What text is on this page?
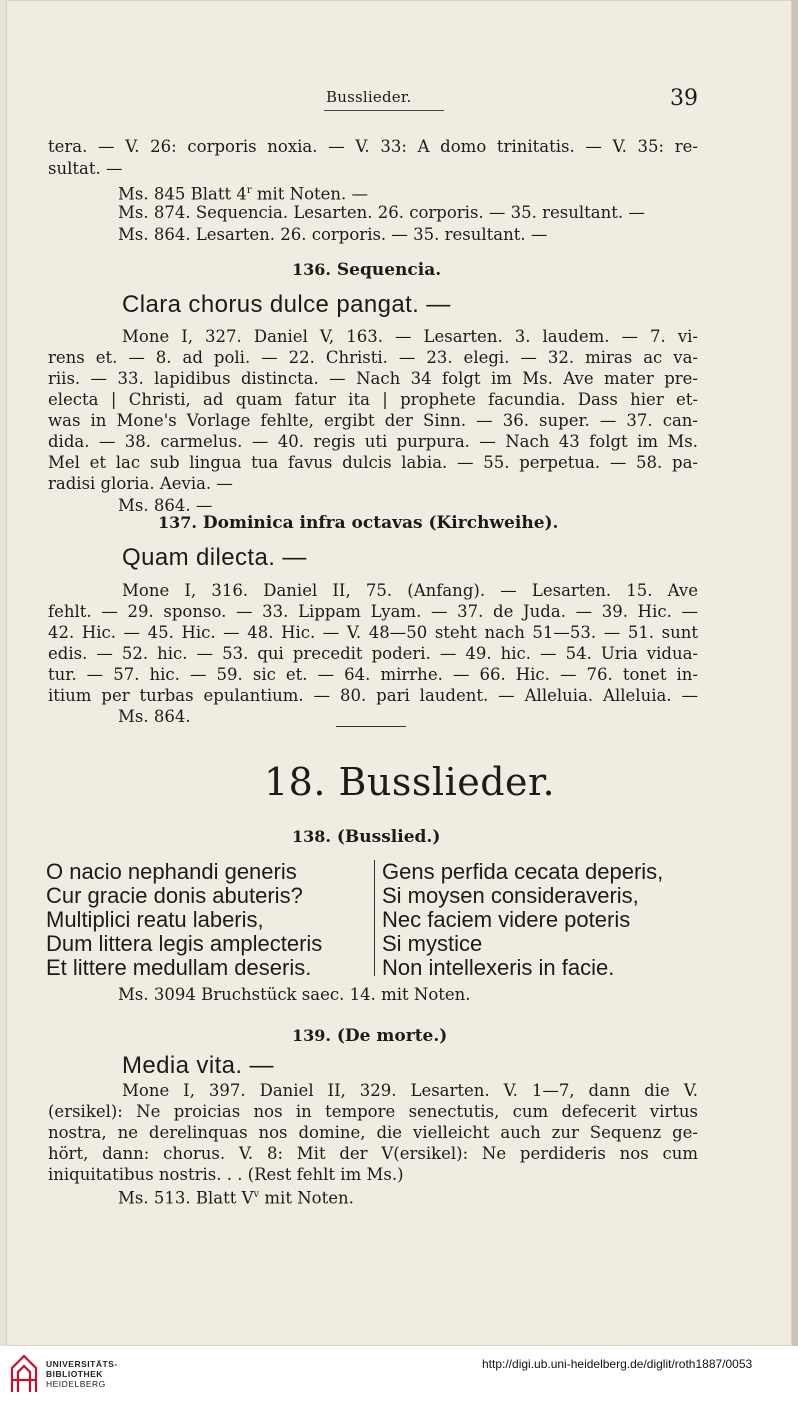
Busslieder.	39
tera. — V. 26: corporis noxia. — V. 33: A domo trinitatis. — V. 35: re-
sultat. —
Ms. 845 Blatt 4$^r$ mit Noten. —
Ms. 874. Sequencia. Lesarten. 26. corporis. — 35. resultant. —
Ms. 864. Lesarten. 26. corporis. — 35. resultant. —
136. Sequencia.
Clara chorus dulce pangat. —
Mone I, 327. Daniel V, 163. — Lesarten. 3. laudem. — 7. vi-
rens et. — 8. ad poli. — 22. Christi. — 23. elegi. — 32. miras ac va-
riis. — 33. lapidibus distincta. — Nach 34 folgt im Ms. Ave mater pre-
electa | Christi, ad quam fatur ita | prophete facundia. Dass hier et-
was in Mone's Vorlage fehlte, ergibt der Sinn. — 36. super. — 37. can-
dida. — 38. carmelus. — 40. regis uti purpura. — Nach 43 folgt im Ms.
Mel et lac sub lingua tua favus dulcis labia. — 55. perpetua. — 58. pa-
radisi gloria. Aevia. —
Ms. 864. —
137. Dominica infra octavas (Kirchweihe).
Quam dilecta. —
Mone I, 316. Daniel II, 75. (Anfang). — Lesarten. 15. Ave
fehlt. — 29. sponso. — 33. Lippam Lyam. — 37. de Juda. — 39. Hic. —
42. Hic. — 45. Hic. — 48. Hic. — V. 48—50 steht nach 51—53. — 51. sunt
edis. — 52. hic. — 53. qui precedit poderi. — 49. hic. — 54. Uria vidua-
tur. — 57. hic. — 59. sic et. — 64. mirrhe. — 66. Hic. — 76. tonet in-
itium per turbas epulantium. — 80. pari laudent. — Alleluia. Alleluia. —
Ms. 864.
18. Busslieder.
138. (Busslied.)
O nacio nephandi generis
Cur gracie donis abuteris?
Multiplici reatu laberis,
Dum littera legis amplecteris
Et littere medullam deseris.
Gens perfida cecata deperis,
Si moysen consideraveris,
Nec faciem videre poteris
Si mystice
Non intellexeris in facie.
Ms. 3094 Bruchstück saec. 14. mit Noten.
139. (De morte.)
Media vita. —
Mone I, 397. Daniel II, 329. Lesarten. V. 1—7, dann die V.
(ersikel): Ne proicias nos in tempore senectutis, cum defecerit virtus
nostra, ne derelinquas nos domine, die vielleicht auch zur Sequenz ge-
hört, dann: chorus. V. 8: Mit der V(ersikel): Ne perdideris nos cum
iniquitatibus nostris. . . (Rest fehlt im Ms.)
Ms. 513. Blatt $V^v$ mit Noten.
UNIVERSITÄTS-
BIBLIOTHEK
HEIDELBERG
http://digi.ub.uni-heidelberg.de/diglit/roth1887/0053
